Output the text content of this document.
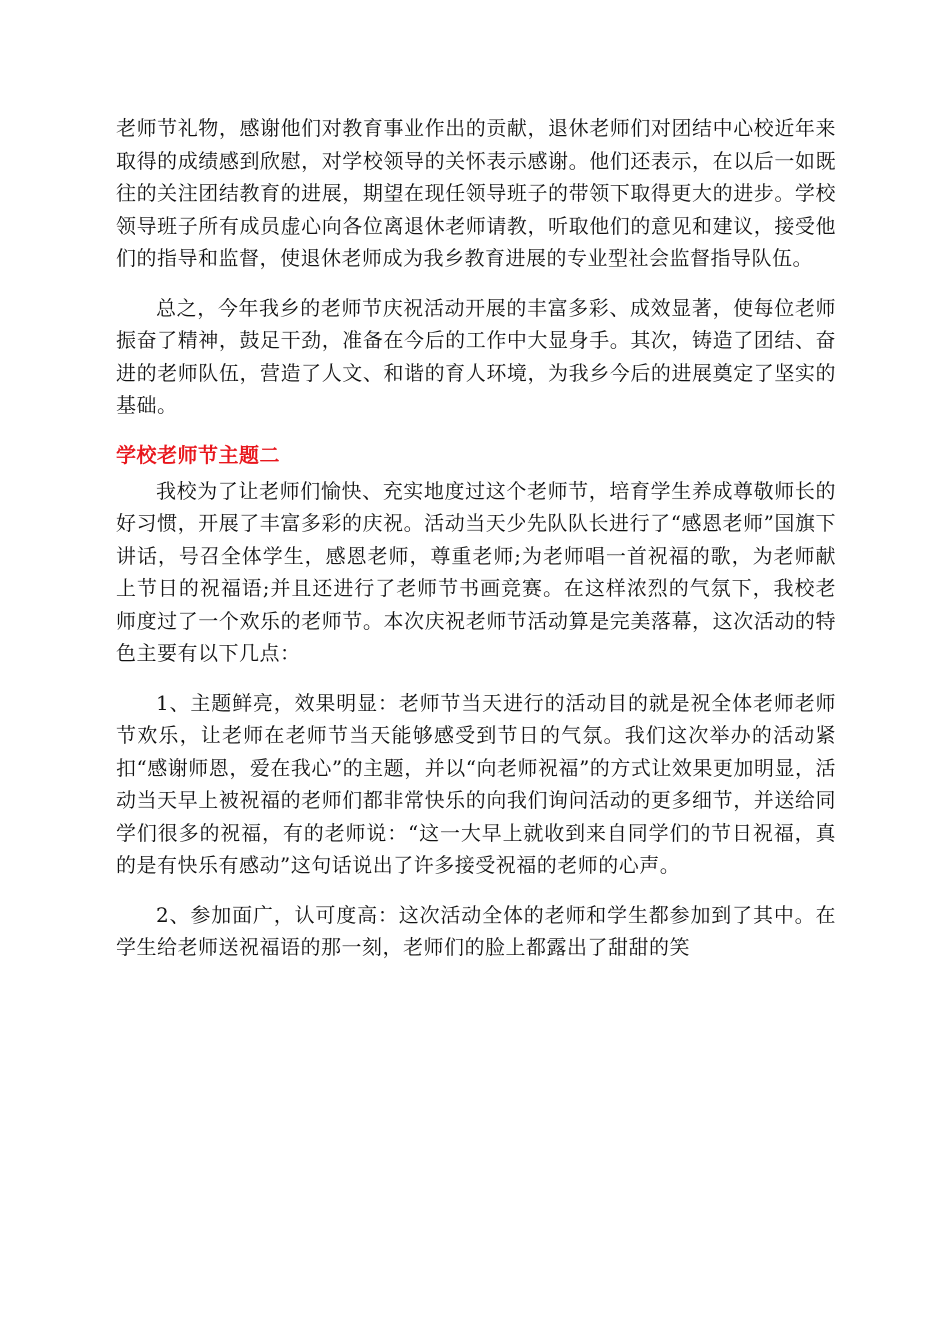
老师节礼物，感谢他们对教育事业作出的贡献，退休老师们对团结中心校近年来取得的成绩感到欣慰，对学校领导的关怀表示感谢。他们还表示，在以后一如既往的关注团结教育的进展，期望在现任领导班子的带领下取得更大的进步。学校领导班子所有成员虚心向各位离退休老师请教，听取他们的意见和建议，接受他们的指导和监督，使退休老师成为我乡教育进展的专业型社会监督指导队伍。

总之，今年我乡的老师节庆祝活动开展的丰富多彩、成效显著，使每位老师振奋了精神，鼓足干劲，准备在今后的工作中大显身手。其次，铸造了团结、奋进的老师队伍，营造了人文、和谐的育人环境，为我乡今后的进展奠定了坚实的基础。

学校老师节主题二

我校为了让老师们愉快、充实地度过这个老师节，培育学生养成尊敬师长的好习惯，开展了丰富多彩的庆祝。活动当天少先队队长进行了“感恩老师”国旗下讲话，号召全体学生，感恩老师，尊重老师;为老师唱一首祝福的歌，为老师献上节日的祝福语;并且还进行了老师节书画竞赛。在这样浓烈的气氛下，我校老师度过了一个欢乐的老师节。本次庆祝老师节活动算是完美落幕，这次活动的特色主要有以下几点：

1、主题鲜亮，效果明显：老师节当天进行的活动目的就是祝全体老师老师节欢乐，让老师在老师节当天能够感受到节日的气氛。我们这次举办的活动紧扣“感谢师恩，爱在我心”的主题，并以“向老师祝福”的方式让效果更加明显，活动当天早上被祝福的老师们都非常快乐的向我们询问活动的更多细节，并送给同学们很多的祝福，有的老师说：“这一大早上就收到来自同学们的节日祝福，真的是有快乐有感动”这句话说出了许多接受祝福的老师的心声。

2、参加面广，认可度高：这次活动全体的老师和学生都参加到了其中。在学生给老师送祝福语的那一刻，老师们的脸上都露出了甜甜的笑
